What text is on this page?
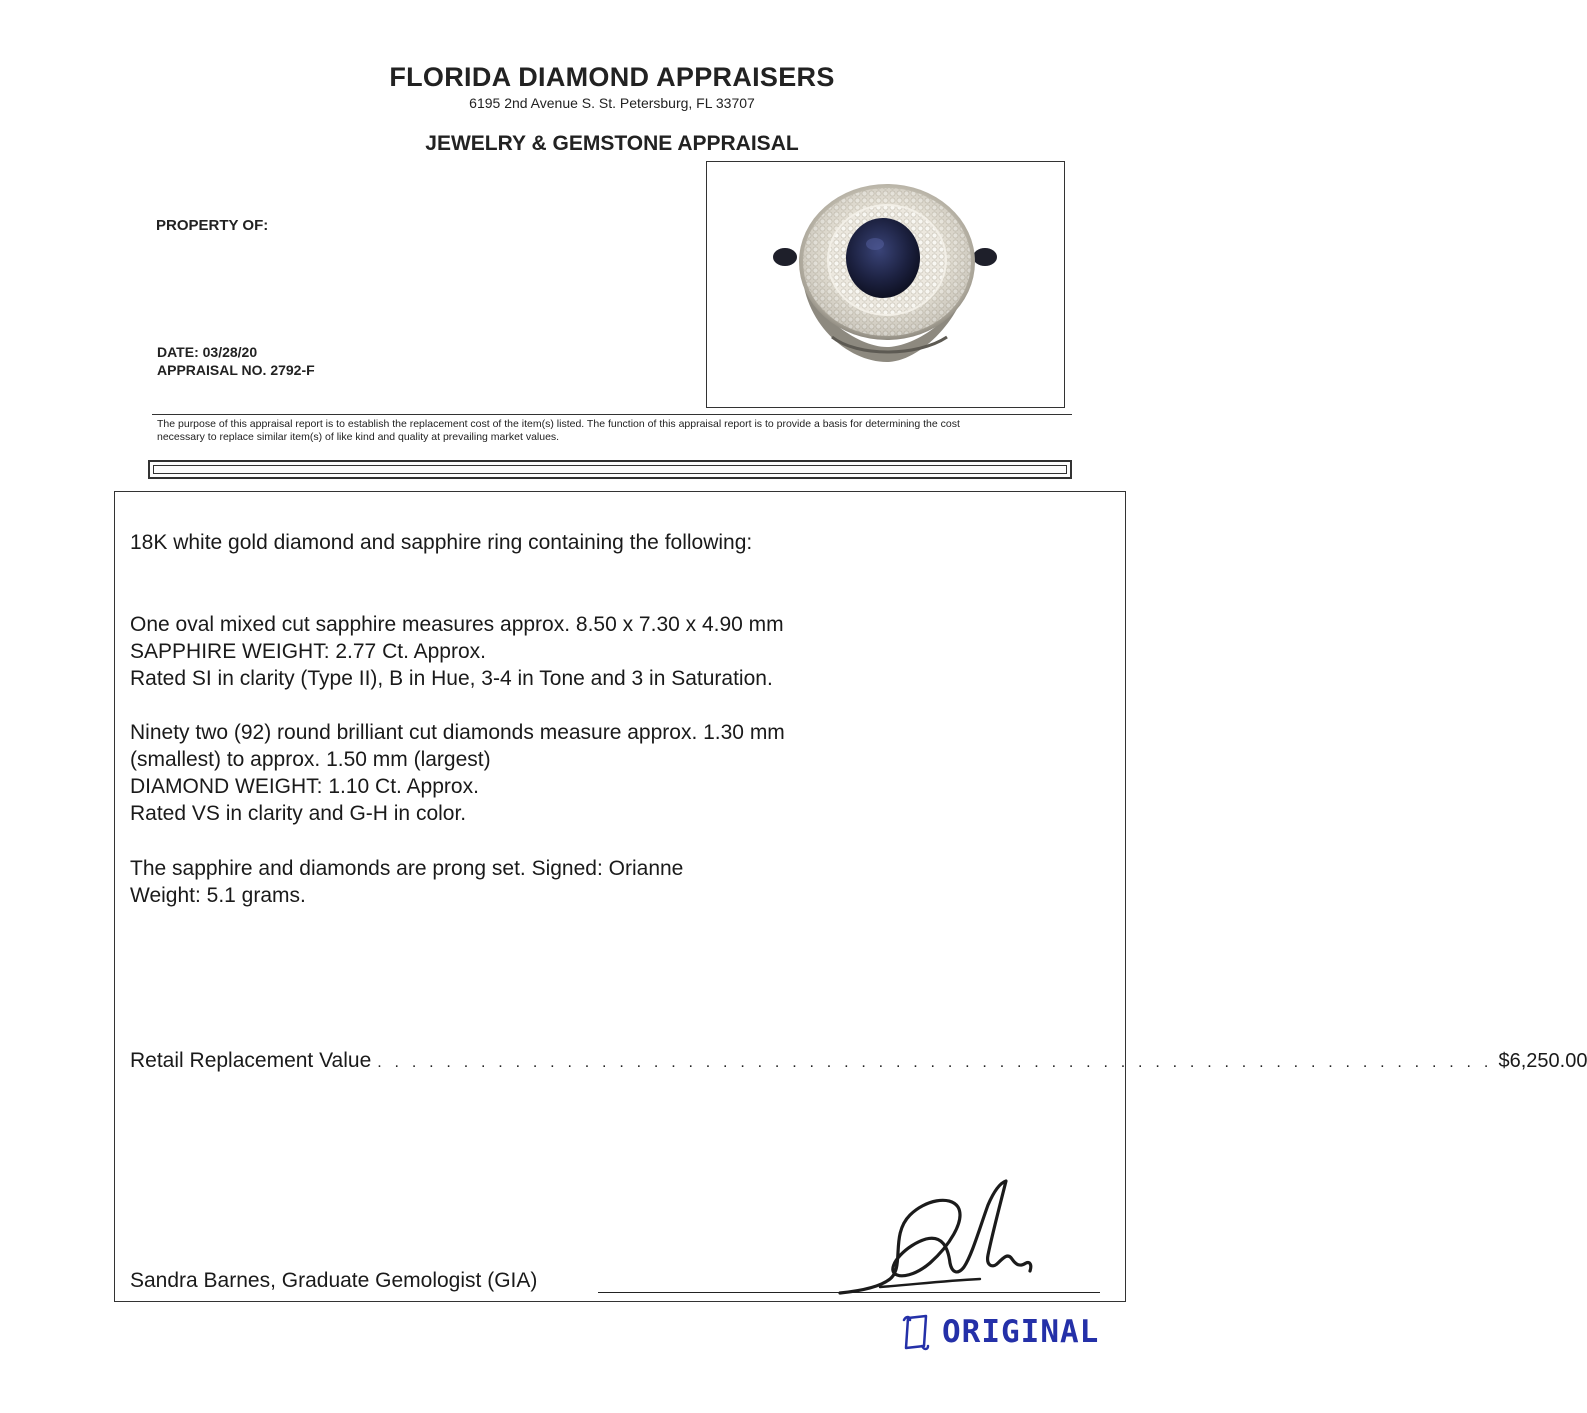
FLORIDA DIAMOND APPRAISERS
6195 2nd Avenue S. St. Petersburg, FL 33707
JEWELRY & GEMSTONE APPRAISAL
PROPERTY OF:
DATE: 03/28/20
APPRAISAL NO. 2792-F
The purpose of this appraisal report is to establish the replacement cost of the item(s) listed. The function of this appraisal report is to provide a basis for determining the cost
necessary to replace similar item(s) of like kind and quality at prevailing market values.
18K white gold diamond and sapphire ring containing the following:
One oval mixed cut sapphire measures approx. 8.50 x 7.30 x 4.90 mm
SAPPHIRE WEIGHT: 2.77 Ct. Approx.
Rated SI in clarity (Type II), B in Hue, 3-4 in Tone and 3 in Saturation.
Ninety two (92) round brilliant cut diamonds measure approx. 1.30 mm
(smallest) to approx. 1.50 mm (largest)
DIAMOND WEIGHT: 1.10 Ct. Approx.
Rated VS in clarity and G-H in color.
The sapphire and diamonds are prong set. Signed: Orianne
Weight: 5.1 grams.
Retail Replacement Value . . . . . . . . . . . . . . . . . . . . . . . . . . . . . . . . . . . . . . . . . . . . . . . . . . . . . . . . . . . . . . . . . $6,250.00
Sandra Barnes, Graduate Gemologist (GIA)
ORIGINAL
